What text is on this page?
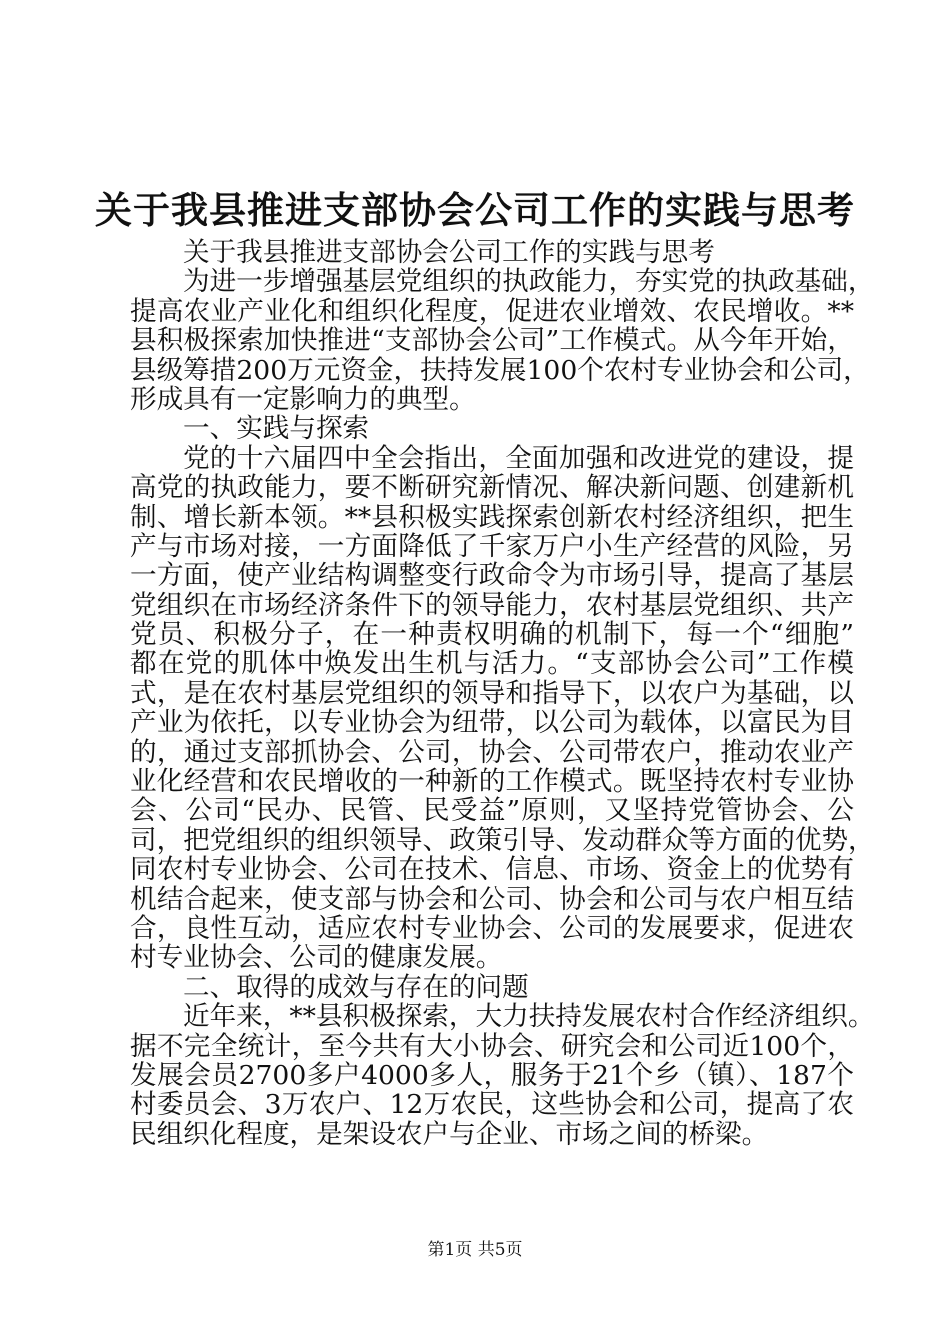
关于我县推进支部协会公司工作的实践与思考
关于我县推进支部协会公司工作的实践与思考
为进一步增强基层党组织的执政能力，夯实党的执政基础，
提高农业产业化和组织化程度，促进农业增效、农民增收。**
县积极探索加快推进“支部协会公司”工作模式。从今年开始，
县级筹措200万元资金，扶持发展100个农村专业协会和公司，
形成具有一定影响力的典型。
一、实践与探索
党的十六届四中全会指出，全面加强和改进党的建设，提
高党的执政能力，要不断研究新情况、解决新问题、创建新机
制、增长新本领。**县积极实践探索创新农村经济组织，把生
产与市场对接，一方面降低了千家万户小生产经营的风险，另
一方面，使产业结构调整变行政命令为市场引导，提高了基层
党组织在市场经济条件下的领导能力，农村基层党组织、共产
党员、积极分子，在一种责权明确的机制下，每一个“细胞”
都在党的肌体中焕发出生机与活力。“支部协会公司”工作模
式，是在农村基层党组织的领导和指导下，以农户为基础，以
产业为依托，以专业协会为纽带，以公司为载体，以富民为目
的，通过支部抓协会、公司，协会、公司带农户，推动农业产
业化经营和农民增收的一种新的工作模式。既坚持农村专业协
会、公司“民办、民管、民受益”原则，又坚持党管协会、公
司，把党组织的组织领导、政策引导、发动群众等方面的优势，
同农村专业协会、公司在技术、信息、市场、资金上的优势有
机结合起来，使支部与协会和公司、协会和公司与农户相互结
合，良性互动，适应农村专业协会、公司的发展要求，促进农
村专业协会、公司的健康发展。
二、取得的成效与存在的问题
近年来，**县积极探索，大力扶持发展农村合作经济组织。
据不完全统计，至今共有大小协会、研究会和公司近100个，
发展会员2700多户4000多人，服务于21个乡（镇）、187个
村委员会、3万农户、12万农民，这些协会和公司，提高了农
民组织化程度，是架设农户与企业、市场之间的桥梁。
第1页 共5页
